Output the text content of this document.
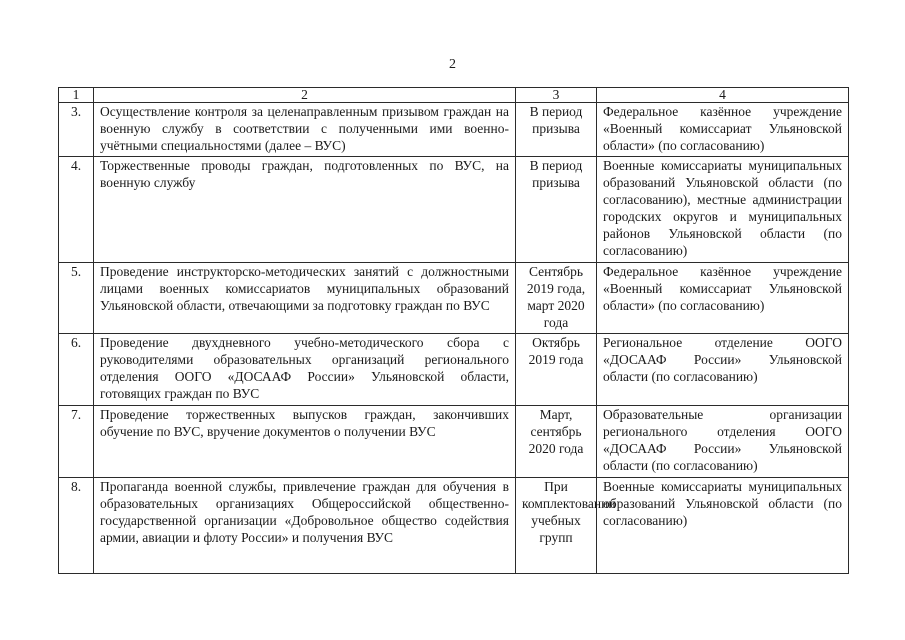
2
1	2	3	4
3.	Осуществление контроля за целенаправленным призывом граждан на военную службу в соответствии с полученными ими военно-учётными специальностями (далее – ВУС)	В период призыва	Федеральное казённое учреждение «Военный комиссариат Ульяновской области» (по согласованию)
4.	Торжественные проводы граждан, подготовленных по ВУС, на военную службу	В период призыва	Военные комиссариаты муниципальных образований Ульяновской области (по согласованию), местные администрации городских округов и муниципальных районов Ульяновской области (по согласованию)
5.	Проведение инструкторско-методических занятий с должностными лицами военных комиссариатов муниципальных образований Ульяновской области, отвечающими за подготовку граждан по ВУС	Сентябрь 2019 года, март 2020 года	Федеральное казённое учреждение «Военный комиссариат Ульяновской области» (по согласованию)
6.	Проведение двухдневного учебно-методического сбора с руководителями образовательных организаций регионального отделения ООГО «ДОСААФ России» Ульяновской области, готовящих граждан по ВУС	Октябрь 2019 года	Региональное отделение ООГО «ДОСААФ России» Ульяновской области (по согласованию)
7.	Проведение торжественных выпусков граждан, закончивших обучение по ВУС, вручение документов о получении ВУС	Март, сентябрь 2020 года	Образовательные организации регионального отделения ООГО «ДОСААФ России» Ульяновской области (по согласованию)
8.	Пропаганда военной службы, привлечение граждан для обучения в образовательных организациях Общероссийской общественно-государственной организации «Добровольное общество содействия армии, авиации и флоту России» и получения ВУС	При комплектовании учебных групп	Военные комиссариаты муниципальных образований Ульяновской области (по согласованию)
